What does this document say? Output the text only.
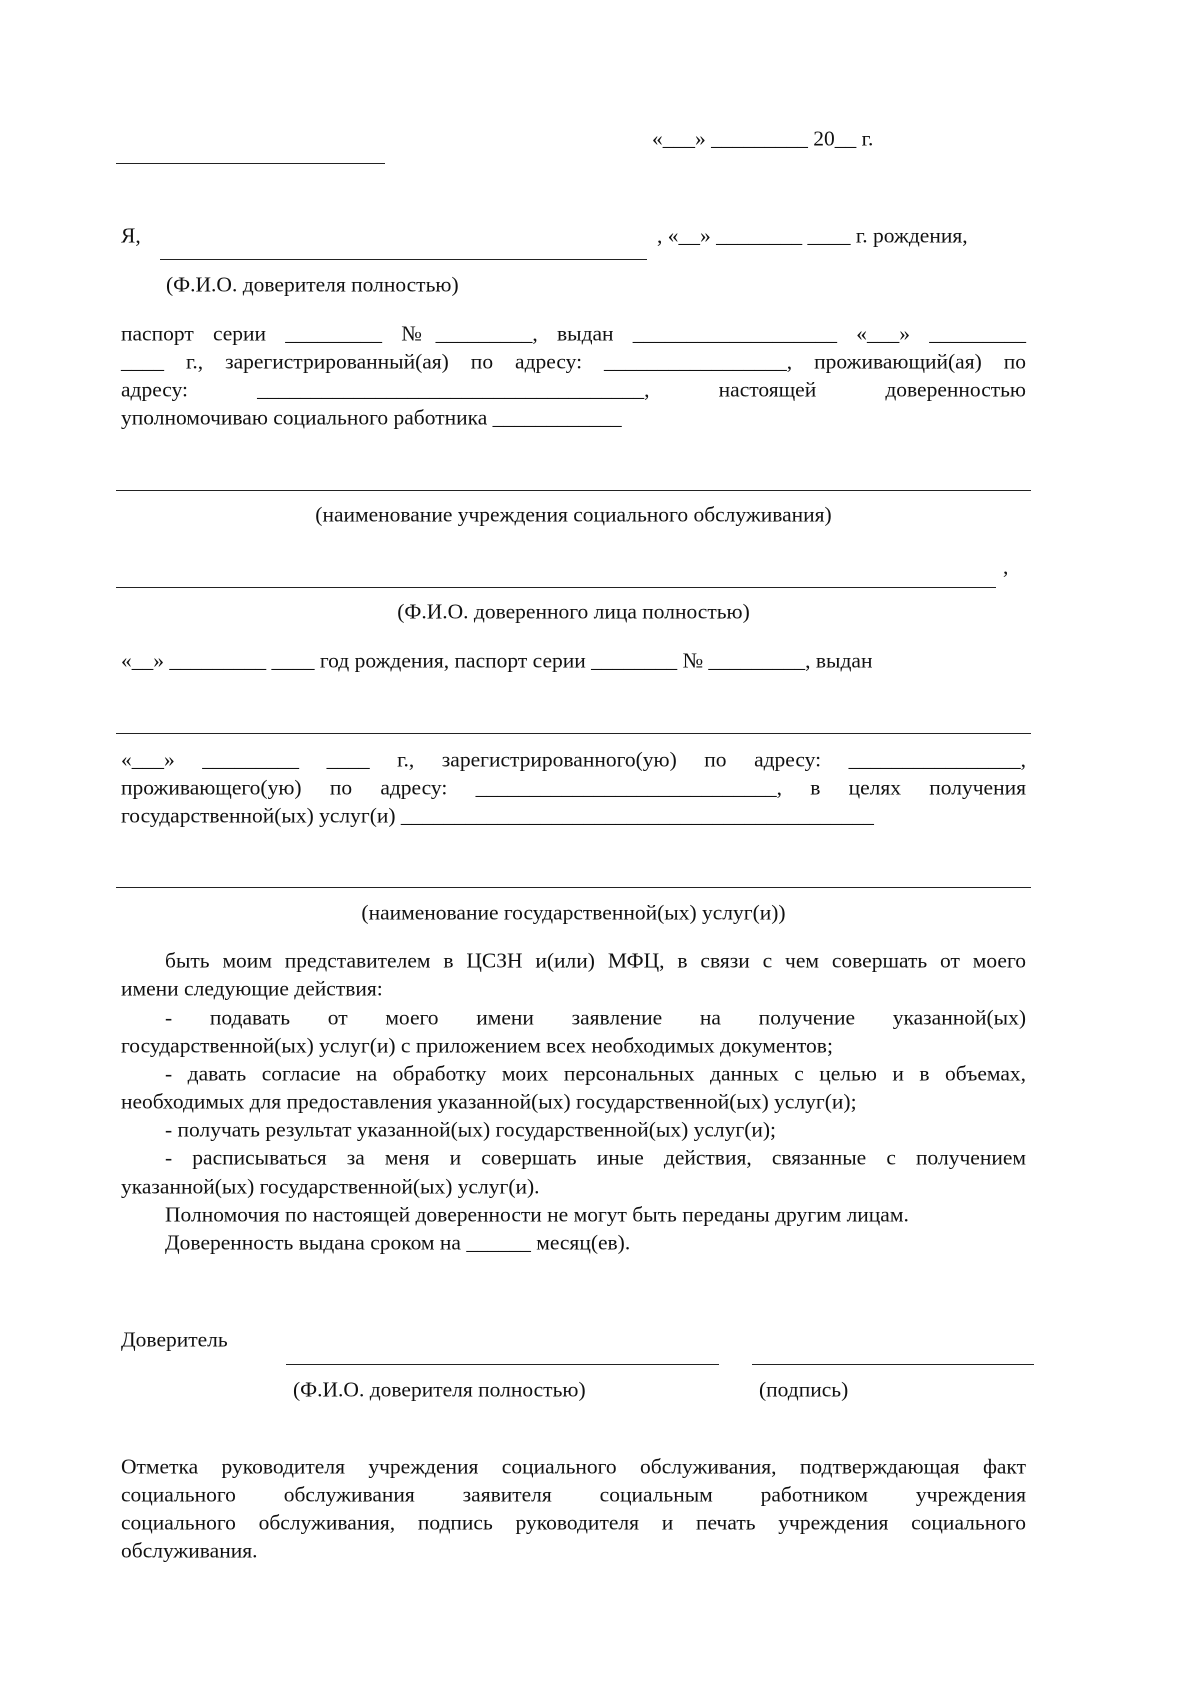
«___» _________ 20__ г.
Я,	, «__» ________ ____ г. рождения,
(Ф.И.О. доверителя полностью)
паспорт серии _________ №_________, выдан ___________________ «___» _________
____ г., зарегистрированный(ая) по адресу: _________________, проживающий(ая) по
адресу: ____________________________________, настоящей доверенностью
уполномочиваю социального работника ____________
(наименование учреждения социального обслуживания)
,
(Ф.И.О. доверенного лица полностью)
«__» _________ ____ год рождения, паспорт серии ________ № _________, выдан
«___» _________ ____ г., зарегистрированного(ую) по адресу: ________________,
проживающего(ую) по адресу: ____________________________, в целях получения
государственной(ых) услуг(и) ____________________________________________
(наименование государственной(ых) услуг(и))
быть моим представителем в ЦСЗН и(или) МФЦ, в связи с чем совершать от моего
имени следующие действия:
- подавать от моего имени заявление на получение указанной(ых)
государственной(ых) услуг(и) с приложением всех необходимых документов;
- давать согласие на обработку моих персональных данных с целью и в объемах,
необходимых для предоставления указанной(ых) государственной(ых) услуг(и);
- получать результат указанной(ых) государственной(ых) услуг(и);
- расписываться за меня и совершать иные действия, связанные с получением
указанной(ых) государственной(ых) услуг(и).
Полномочия по настоящей доверенности не могут быть переданы другим лицам.
Доверенность выдана сроком на ______ месяц(ев).
Доверитель
(Ф.И.О. доверителя полностью)	(подпись)
Отметка руководителя учреждения социального обслуживания, подтверждающая факт
социального обслуживания заявителя социальным работником учреждения
социального обслуживания, подпись руководителя и печать учреждения социального
обслуживания.
